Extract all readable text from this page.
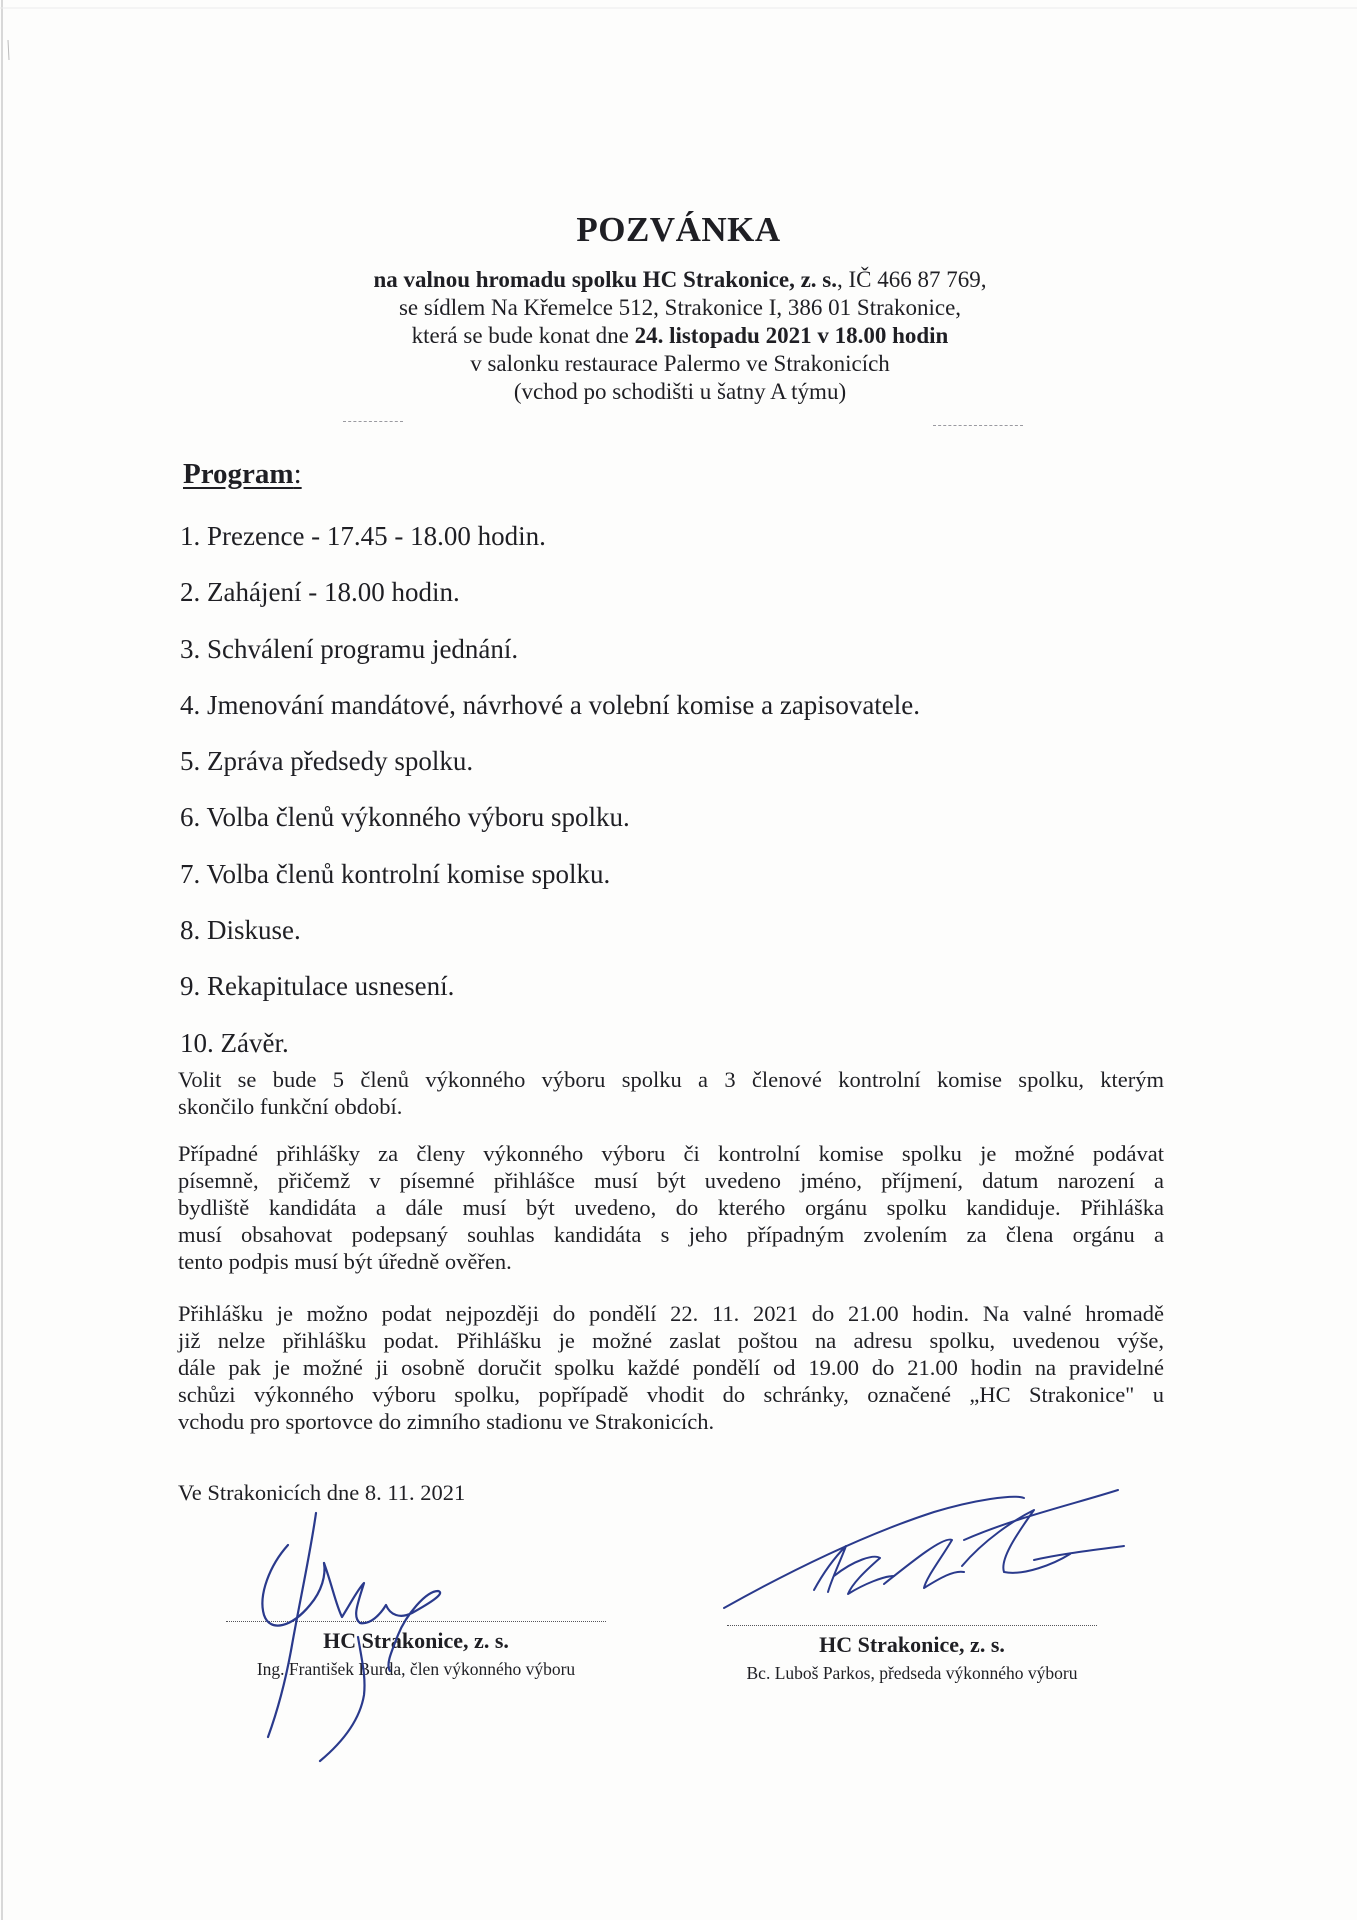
POZVÁNKA
na valnou hromadu spolku HC Strakonice, z. s., IČ 466 87 769,
se sídlem Na Křemelce 512, Strakonice I, 386 01 Strakonice,
která se bude konat dne 24. listopadu 2021 v 18.00 hodin
v salonku restaurace Palermo ve Strakonicích
(vchod po schodišti u šatny A týmu)
Program:
1. Prezence - 17.45 - 18.00 hodin.
2. Zahájení - 18.00 hodin.
3. Schválení programu jednání.
4. Jmenování mandátové, návrhové a volební komise a zapisovatele.
5. Zpráva předsedy spolku.
6. Volba členů výkonného výboru spolku.
7. Volba členů kontrolní komise spolku.
8. Diskuse.
9. Rekapitulace usnesení.
10. Závěr.
Volit se bude 5 členů výkonného výboru spolku a 3 členové kontrolní komise spolku, kterým
skončilo funkční období.
Případné přihlášky za členy výkonného výboru či kontrolní komise spolku je možné podávat
písemně, přičemž v písemné přihlášce musí být uvedeno jméno, příjmení, datum narození a
bydliště kandidáta a dále musí být uvedeno, do kterého orgánu spolku kandiduje. Přihláška
musí obsahovat podepsaný souhlas kandidáta s jeho případným zvolením za člena orgánu a
tento podpis musí být úředně ověřen.
Přihlášku je možno podat nejpozději do pondělí 22. 11. 2021 do 21.00 hodin. Na valné hromadě
již nelze přihlášku podat. Přihlášku je možné zaslat poštou na adresu spolku, uvedenou výše,
dále pak je možné ji osobně doručit spolku každé pondělí od 19.00 do 21.00 hodin na pravidelné
schůzi výkonného výboru spolku, popřípadě vhodit do schránky, označené „HC Strakonice" u
vchodu pro sportovce do zimního stadionu ve Strakonicích.
Ve Strakonicích dne 8. 11. 2021
HC Strakonice, z. s.
Ing. František Burda, člen výkonného výboru
HC Strakonice, z. s.
Bc. Luboš Parkos, předseda výkonného výboru
